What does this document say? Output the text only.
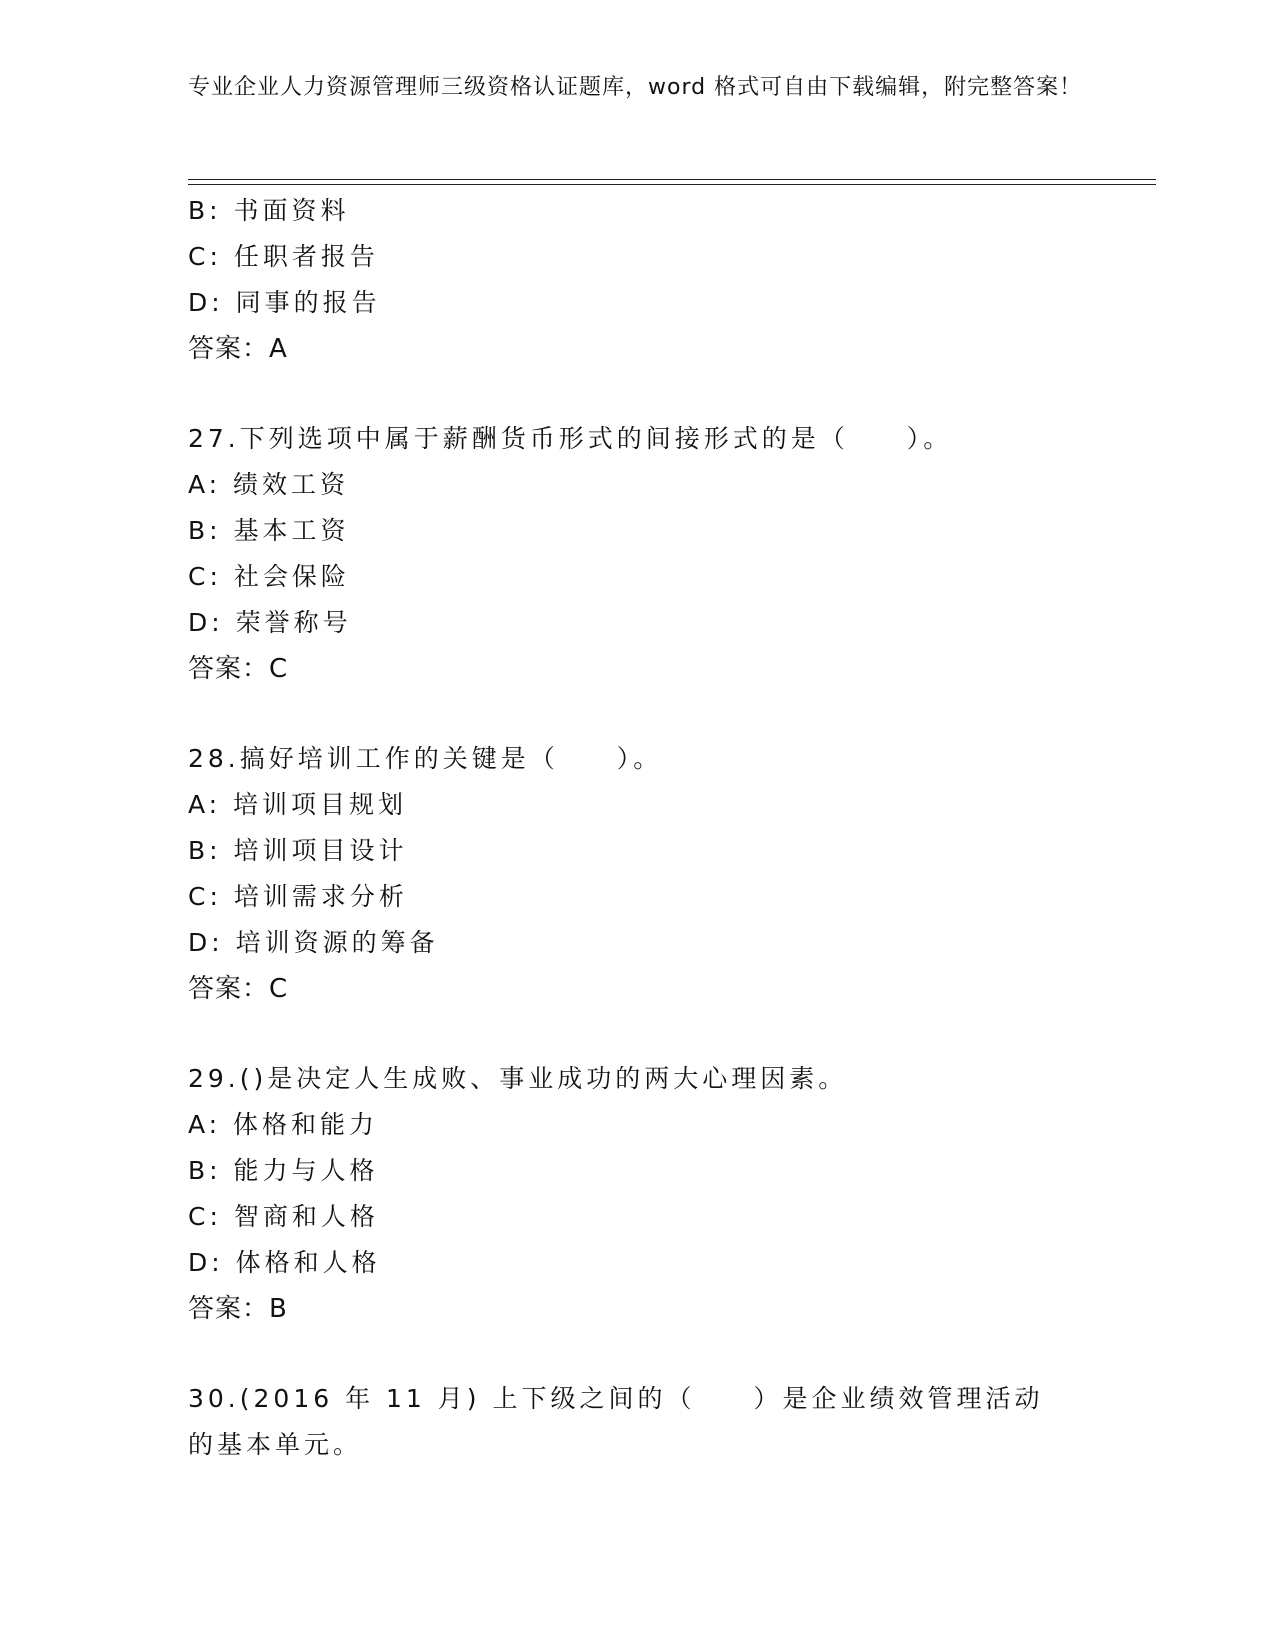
专业企业人力资源管理师三级资格认证题库，word 格式可自由下载编辑，附完整答案！
B: 书面资料
C: 任职者报告
D: 同事的报告
答案：A
27.下列选项中属于薪酬货币形式的间接形式的是（　　）。
A: 绩效工资
B: 基本工资
C: 社会保险
D: 荣誉称号
答案：C
28.搞好培训工作的关键是（　　）。
A: 培训项目规划
B: 培训项目设计
C: 培训需求分析
D: 培训资源的筹备
答案：C
29.()是决定人生成败、事业成功的两大心理因素。
A: 体格和能力
B: 能力与人格
C: 智商和人格
D: 体格和人格
答案：B
30.(2016 年 11 月) 上下级之间的（　　）是企业绩效管理活动的基本单元。
